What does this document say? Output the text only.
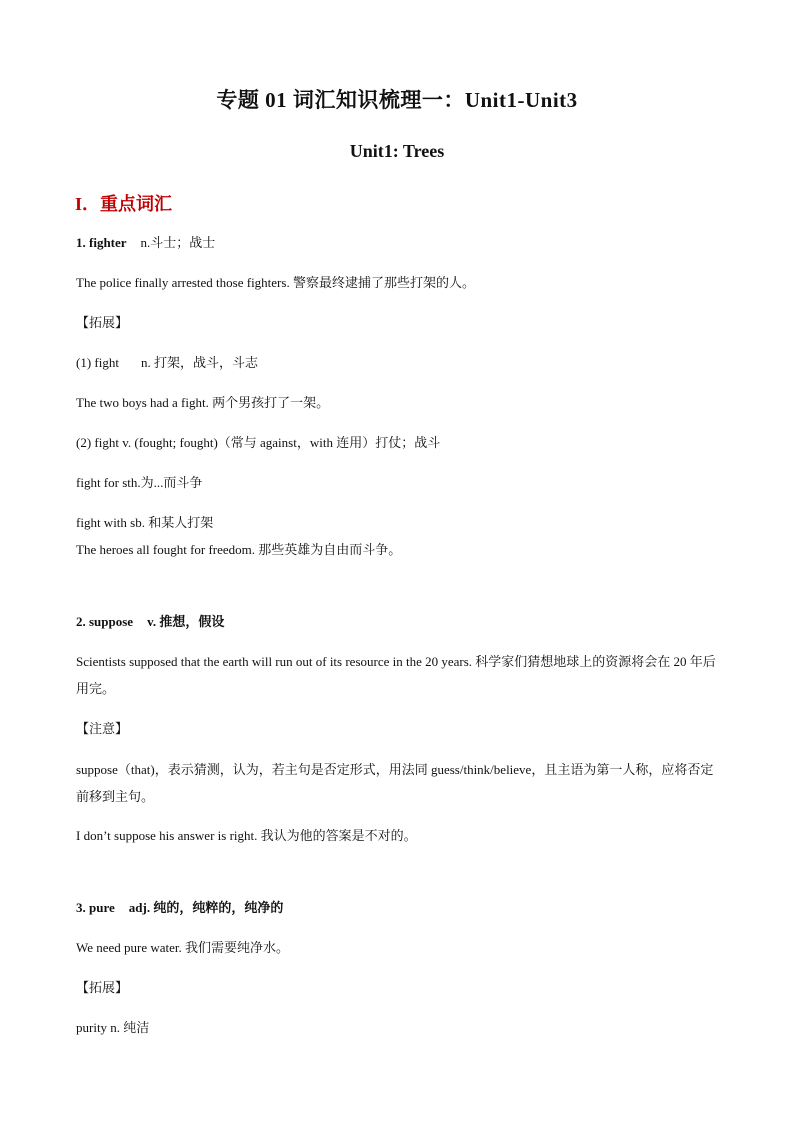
专题 01 词汇知识梳理一：Unit1-Unit3
Unit1: Trees
I．重点词汇
1. fighter n.斗士；战士
The police finally arrested those fighters. 警察最终逮捕了那些打架的人。
【拓展】
(1) fight n. 打架，战斗，斗志
The two boys had a fight. 两个男孩打了一架。
(2) fight v. (fought; fought)（常与 against，with 连用）打仗；战斗
fight for sth.为...而斗争
fight with sb. 和某人打架
The heroes all fought for freedom. 那些英雄为自由而斗争。
2. suppose v. 推想，假设
Scientists supposed that the earth will run out of its resource in the 20 years. 科学家们猜想地球上的资源将会在 20 年后用完。
【注意】
suppose（that)，表示猜测，认为，若主句是否定形式，用法同 guess/think/believe，且主语为第一人称，应将否定前移到主句。
I don’t suppose his answer is right. 我认为他的答案是不对的。
3. pure adj. 纯的，纯粹的，纯净的
We need pure water. 我们需要纯净水。
【拓展】
purity n. 纯洁
